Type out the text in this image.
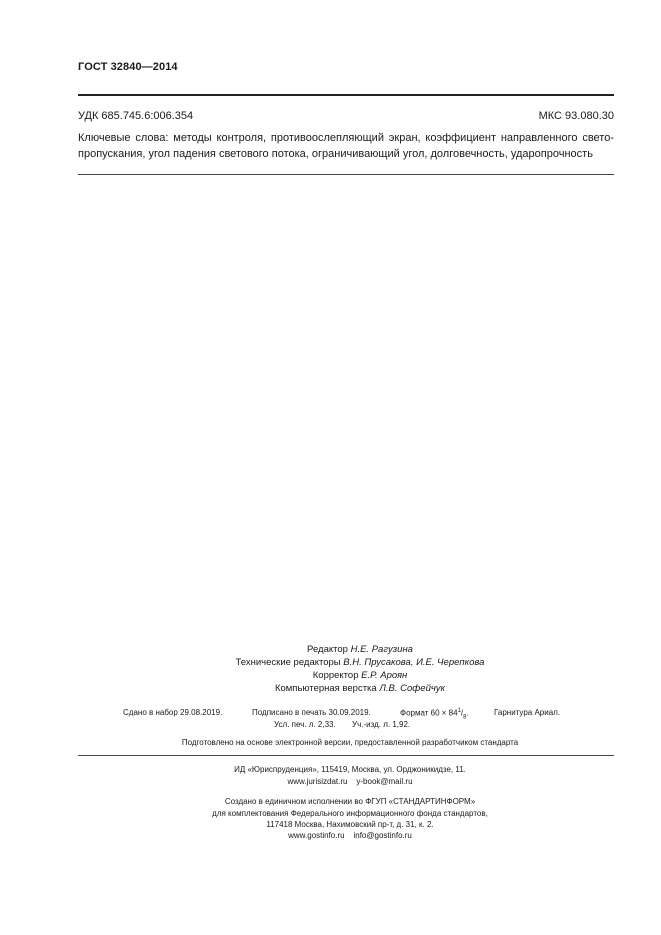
ГОСТ 32840—2014
УДК 685.745.6:006.354	МКС 93.080.30
Ключевые слова: методы контроля, противоослепляющий экран, коэффициент направленного свето-
пропускания, угол падения светового потока, ограничивающий угол, долговечность, ударопрочность
Редактор Н.Е. Рагузина
Технические редакторы В.Н. Прусакова, И.Е. Черепкова
Корректор Е.Р. Ароян
Компьютерная верстка Л.В. Софейчук
Сдано в набор 29.08.2019.	Подписано в печать 30.09.2019.	Формат $60 \times 84^1/_8$.	Гарнитура Ариал.
Усл. печ. л. 2,33. Уч.-изд. л. 1,92.
Подготовлено на основе электронной версии, предоставленной разработчиком стандарта
ИД «Юриспруденция», 115419, Москва, ул. Орджоникидзе, 11.
www.jurisizdat.ru y-book@mail.ru
Создано в единичном исполнении во ФГУП «СТАНДАРТИНФОРМ»
для комплектования Федерального информационного фонда стандартов,
117418 Москва, Нахимовский пр-т, д. 31, к. 2.
www.gostinfo.ru info@gostinfo.ru
